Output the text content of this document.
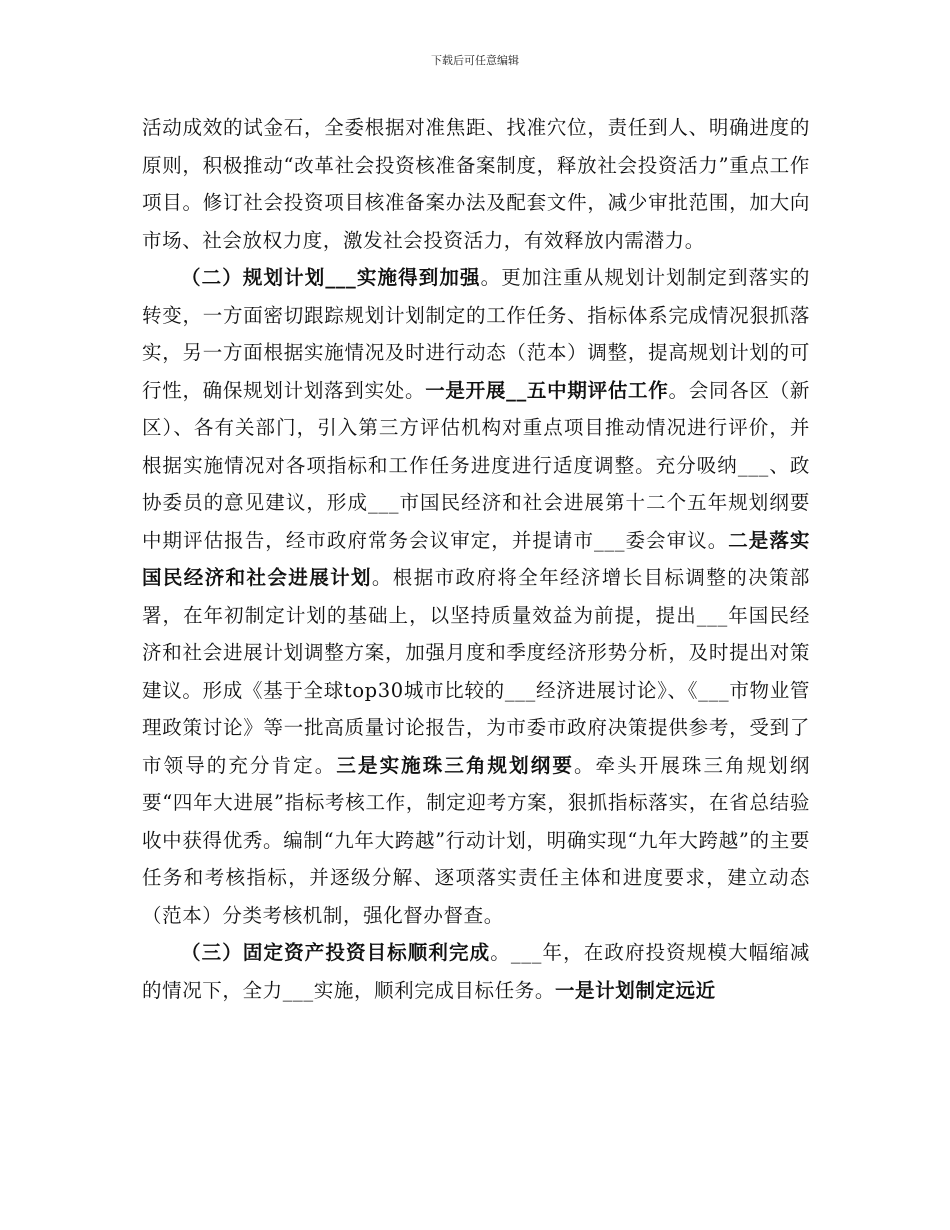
下载后可任意编辑

活动成效的试金石，全委根据对准焦距、找准穴位，责任到人、明确进度的原则，积极推动“改革社会投资核准备案制度，释放社会投资活力”重点工作项目。修订社会投资项目核准备案办法及配套文件，减少审批范围，加大向市场、社会放权力度，激发社会投资活力，有效释放内需潜力。

（二）规划计划___实施得到加强。更加注重从规划计划制定到落实的转变，一方面密切跟踪规划计划制定的工作任务、指标体系完成情况狠抓落实，另一方面根据实施情况及时进行动态（范本）调整，提高规划计划的可行性，确保规划计划落到实处。一是开展__五中期评估工作。会同各区（新区）、各有关部门，引入第三方评估机构对重点项目推动情况进行评价，并根据实施情况对各项指标和工作任务进度进行适度调整。充分吸纳___、政协委员的意见建议，形成___市国民经济和社会进展第十二个五年规划纲要中期评估报告，经市政府常务会议审定，并提请市___委会审议。二是落实国民经济和社会进展计划。根据市政府将全年经济增长目标调整的决策部署，在年初制定计划的基础上，以坚持质量效益为前提，提出___年国民经济和社会进展计划调整方案，加强月度和季度经济形势分析，及时提出对策建议。形成《基于全球top30城市比较的___经济进展讨论》、《___市物业管理政策讨论》等一批高质量讨论报告，为市委市政府决策提供参考，受到了市领导的充分肯定。三是实施珠三角规划纲要。牵头开展珠三角规划纲要“四年大进展”指标考核工作，制定迎考方案，狠抓指标落实，在省总结验收中获得优秀。编制“九年大跨越”行动计划，明确实现“九年大跨越”的主要任务和考核指标，并逐级分解、逐项落实责任主体和进度要求，建立动态（范本）分类考核机制，强化督办督查。

（三）固定资产投资目标顺利完成。___年，在政府投资规模大幅缩减的情况下，全力___实施，顺利完成目标任务。一是计划制定远近
